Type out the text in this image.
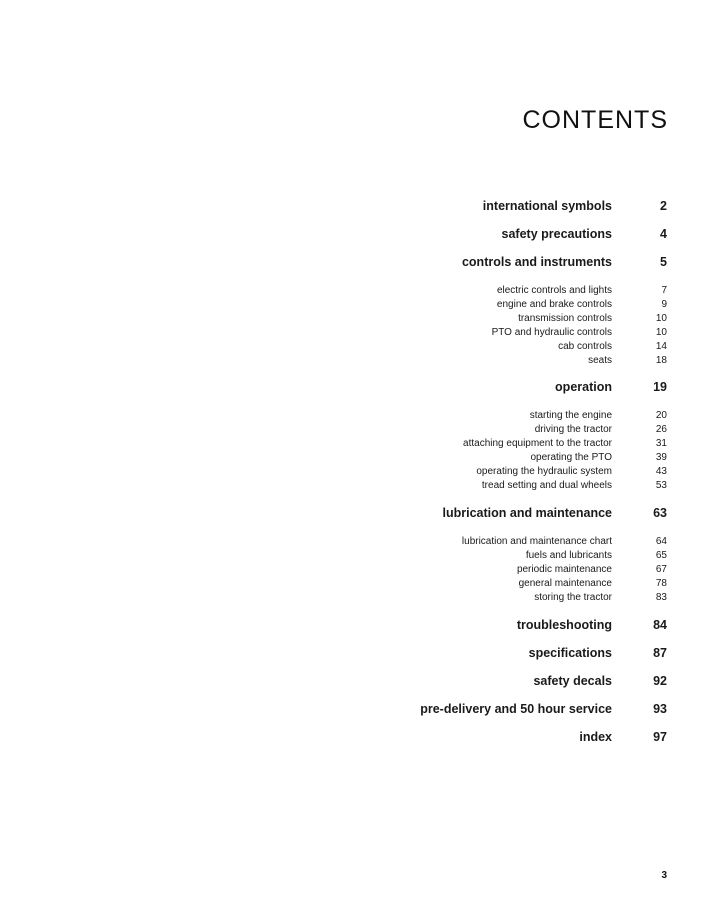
CONTENTS
international symbols	2
safety precautions	4
controls and instruments	5
electric controls and lights	7
engine and brake controls	9
transmission controls	10
PTO and hydraulic controls	10
cab controls	14
seats	18
operation	19
starting the engine	20
driving the tractor	26
attaching equipment to the tractor	31
operating the PTO	39
operating the hydraulic system	43
tread setting and dual wheels	53
lubrication and maintenance	63
lubrication and maintenance chart	64
fuels and lubricants	65
periodic maintenance	67
general maintenance	78
storing the tractor	83
troubleshooting	84
specifications	87
safety decals	92
pre-delivery and 50 hour service	93
index	97
3
